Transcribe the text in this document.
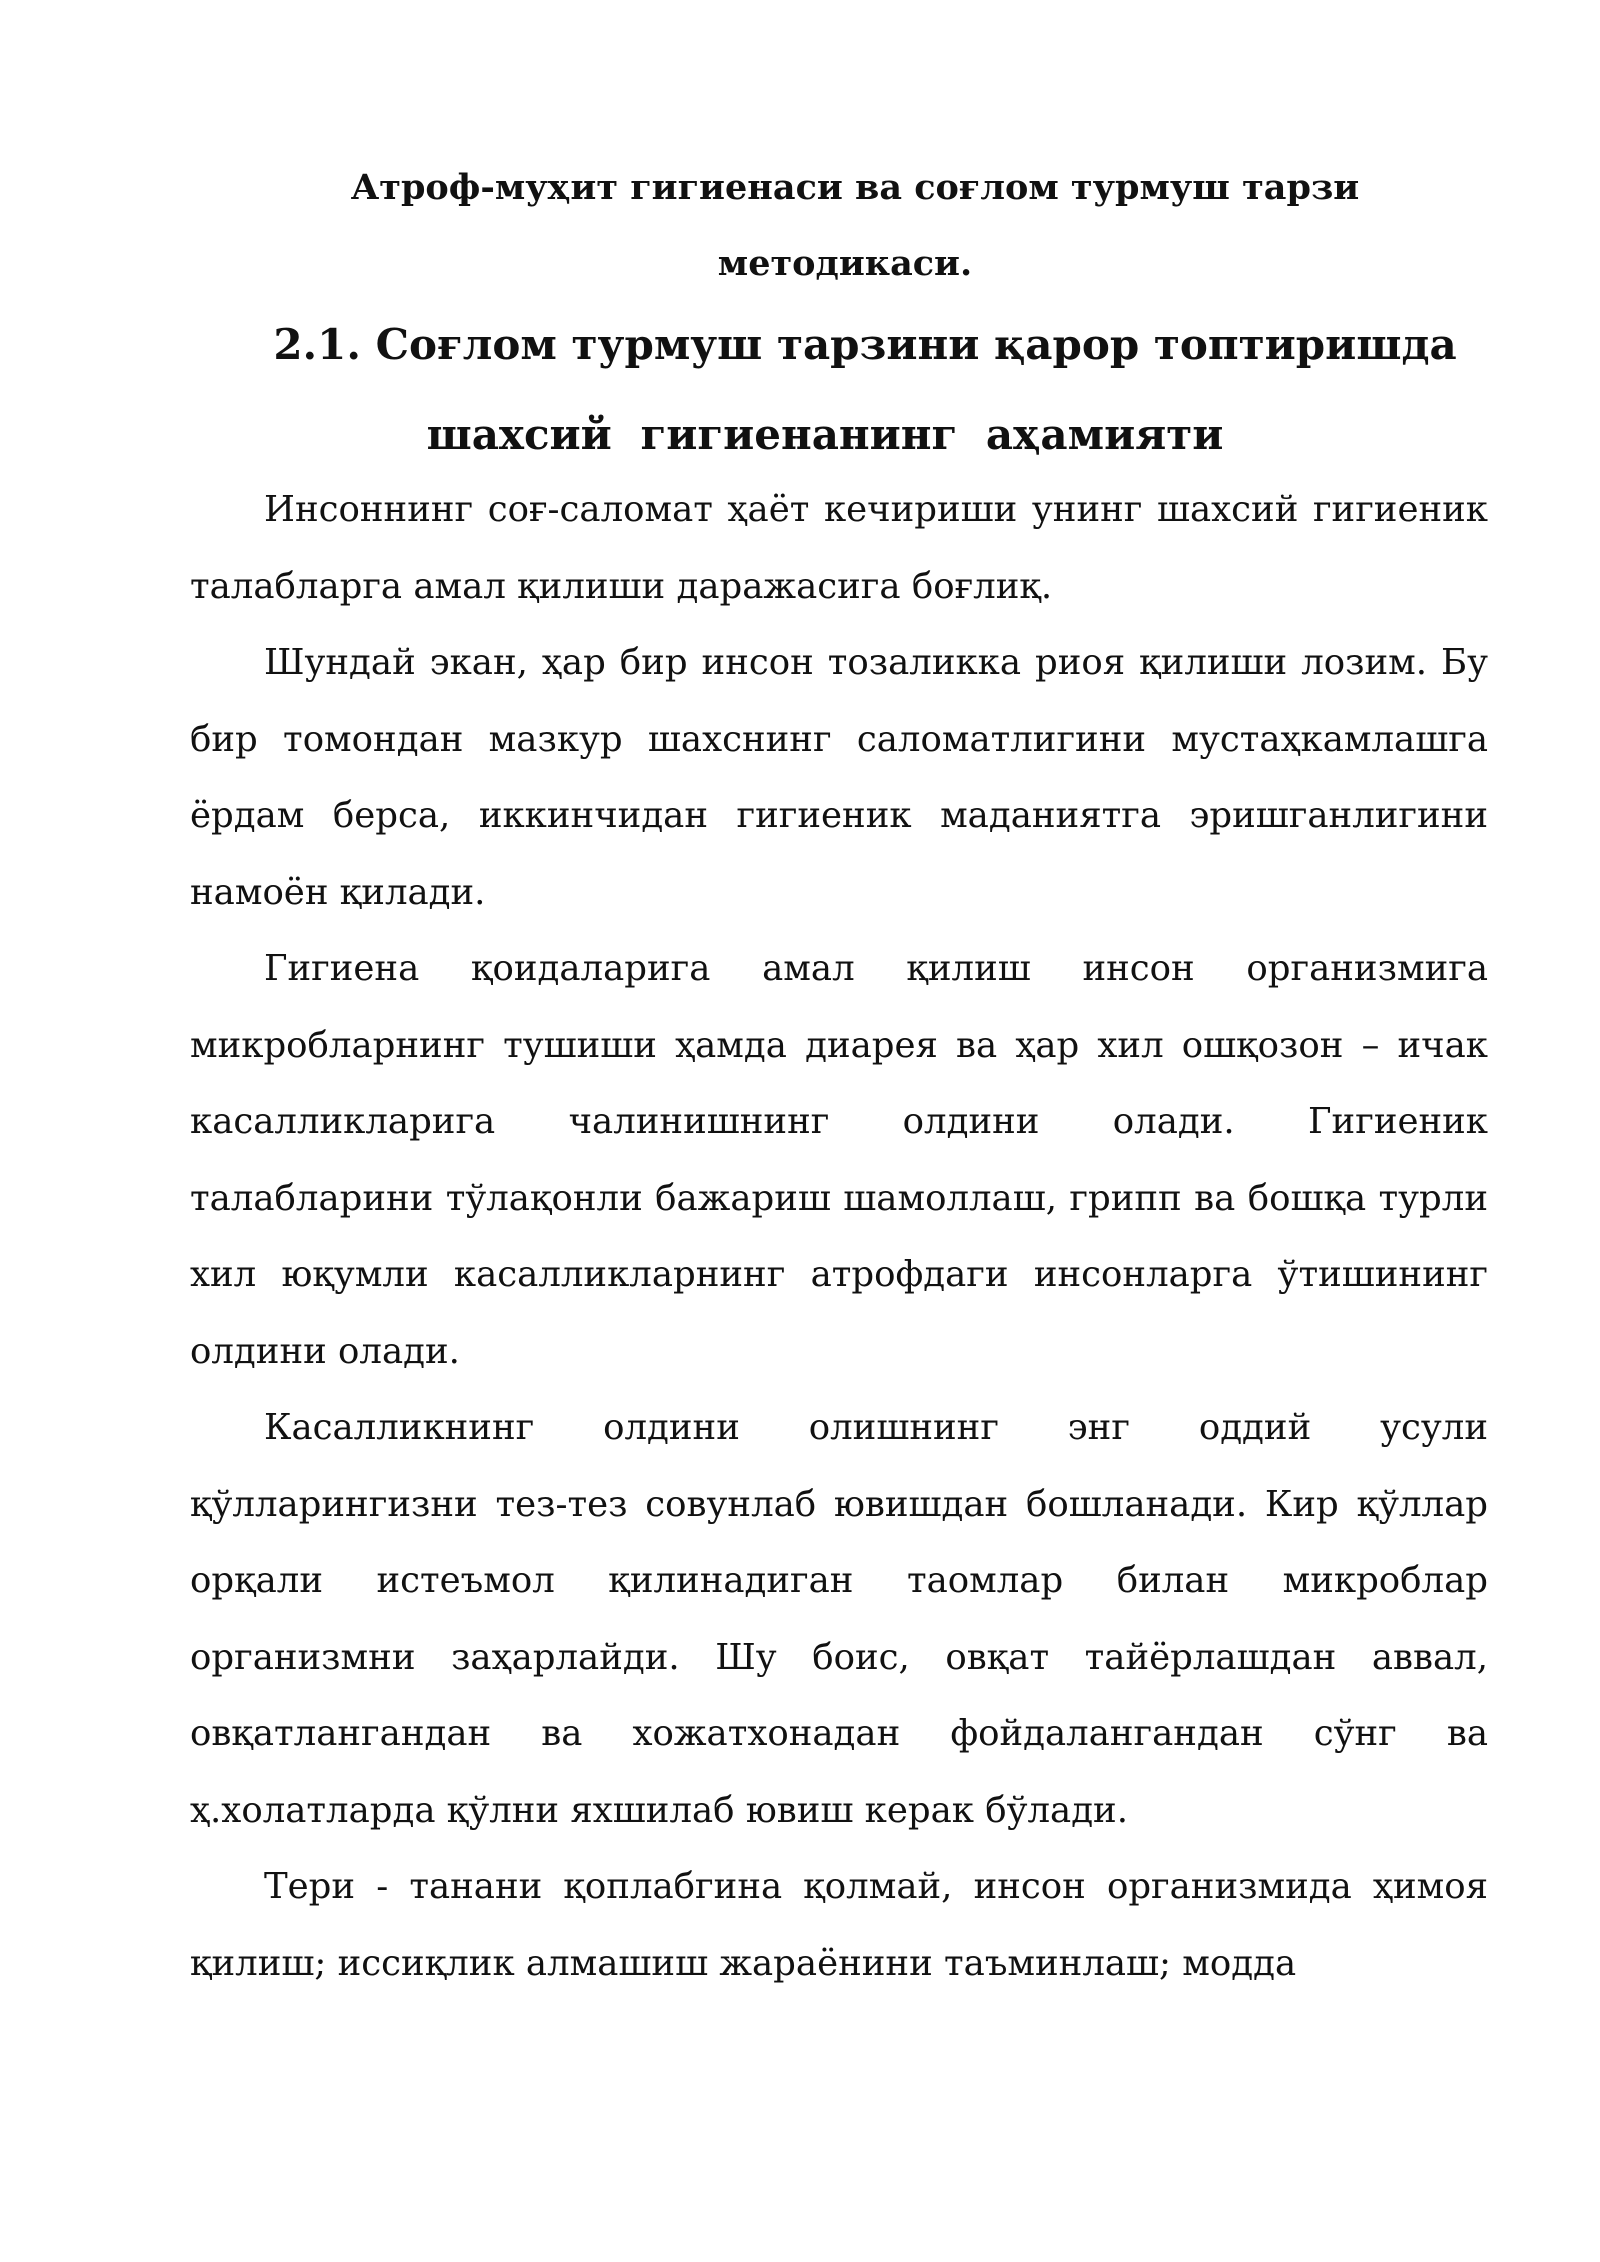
Атроф-муҳит гигиенаси ва соғлом турмуш тарзи
методикаси.
2.1. Соғлом турмуш тарзини қарор топтиришда
шахсий гигиенанинг аҳамияти

Инсоннинг соғ-саломат ҳаёт кечириши унинг шахсий гигиеник талабларга амал қилиши даражасига боғлиқ.

Шундай экан, ҳар бир инсон тозаликка риоя қилиши лозим. Бу бир томондан мазкур шахснинг саломатлигини мустаҳкамлашга ёрдам берса, иккинчидан гигиеник маданиятга эришганлигини намоён қилади.

Гигиена қоидаларига амал қилиш инсон организмига микробларнинг тушиши ҳамда диарея ва ҳар хил ошқозон – ичак касалликларига чалинишнинг олдини олади. Гигиеник талабларини тўлақонли бажариш шамоллаш, грипп ва бошқа турли хил юқумли касалликларнинг атрофдаги инсонларга ўтишининг олдини олади.

Касалликнинг олдини олишнинг энг оддий усули қўлларингизни тез-тез совунлаб ювишдан бошланади. Кир қўллар орқали истеъмол қилинадиган таомлар билан микроблар организмни заҳарлайди. Шу боис, овқат тайёрлашдан аввал, овқатлангандан ва хожатхонадан фойдалангандан сўнг ва ҳ.холатларда қўлни яхшилаб ювиш керак бўлади.

Тери - танани қоплабгина қолмай, инсон организмида ҳимоя қилиш; иссиқлик алмашиш жараёнини таъминлаш; модда
